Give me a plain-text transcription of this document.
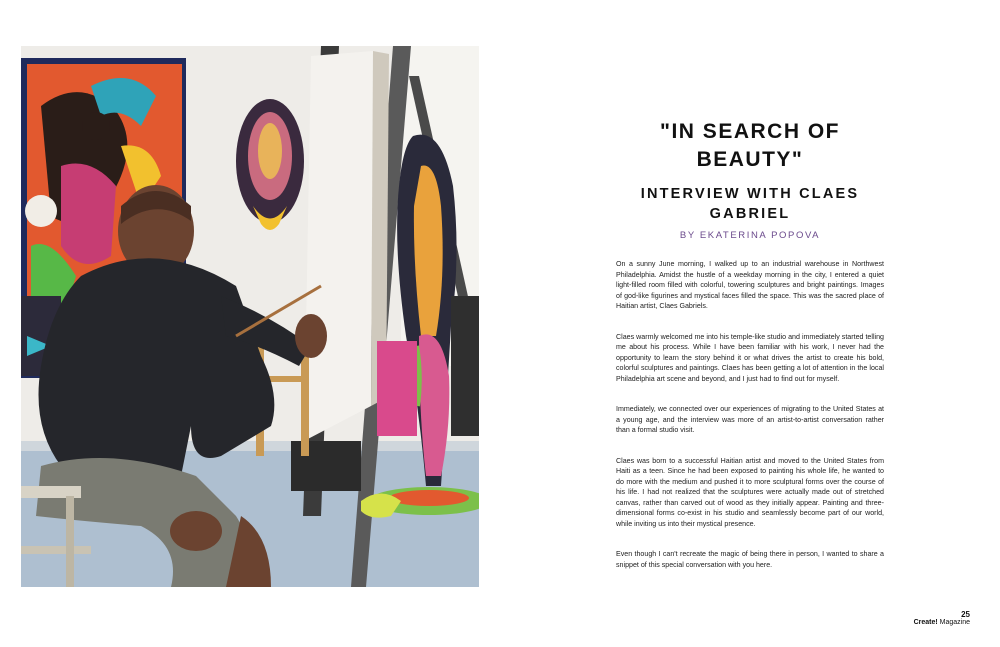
"IN SEARCH OF BEAUTY"
INTERVIEW WITH CLAES GABRIEL
BY EKATERINA POPOVA

On a sunny June morning, I walked up to an industrial warehouse in Northwest Philadelphia. Amidst the hustle of a weekday morning in the city, I entered a quiet light-filled room filled with colorful, towering sculptures and bright paintings. Images of god-like figurines and mystical faces filled the space. This was the sacred place of Haitian artist, Claes Gabriels.

Claes warmly welcomed me into his temple-like studio and immediately started telling me about his process. While I have been familiar with his work, I never had the opportunity to learn the story behind it or what drives the artist to create his bold, colorful sculptures and paintings. Claes has been getting a lot of attention in the local Philadelphia art scene and beyond, and I just had to find out for myself.

Immediately, we connected over our experiences of migrating to the United States at a young age, and the interview was more of an artist-to-artist conversation rather than a formal studio visit.

Claes was born to a successful Haitian artist and moved to the United States from Haiti as a teen. Since he had been exposed to painting his whole life, he wanted to do more with the medium and pushed it to more sculptural forms over the course of his life. I had not realized that the sculptures were actually made out of stretched canvas, rather than carved out of wood as they initially appear. Painting and three-dimensional forms co-exist in his studio and seamlessly become part of our world, while inviting us into their mystical presence.

Even though I can't recreate the magic of being there in person, I wanted to share a snippet of this special conversation with you here.

25
Create! Magazine
